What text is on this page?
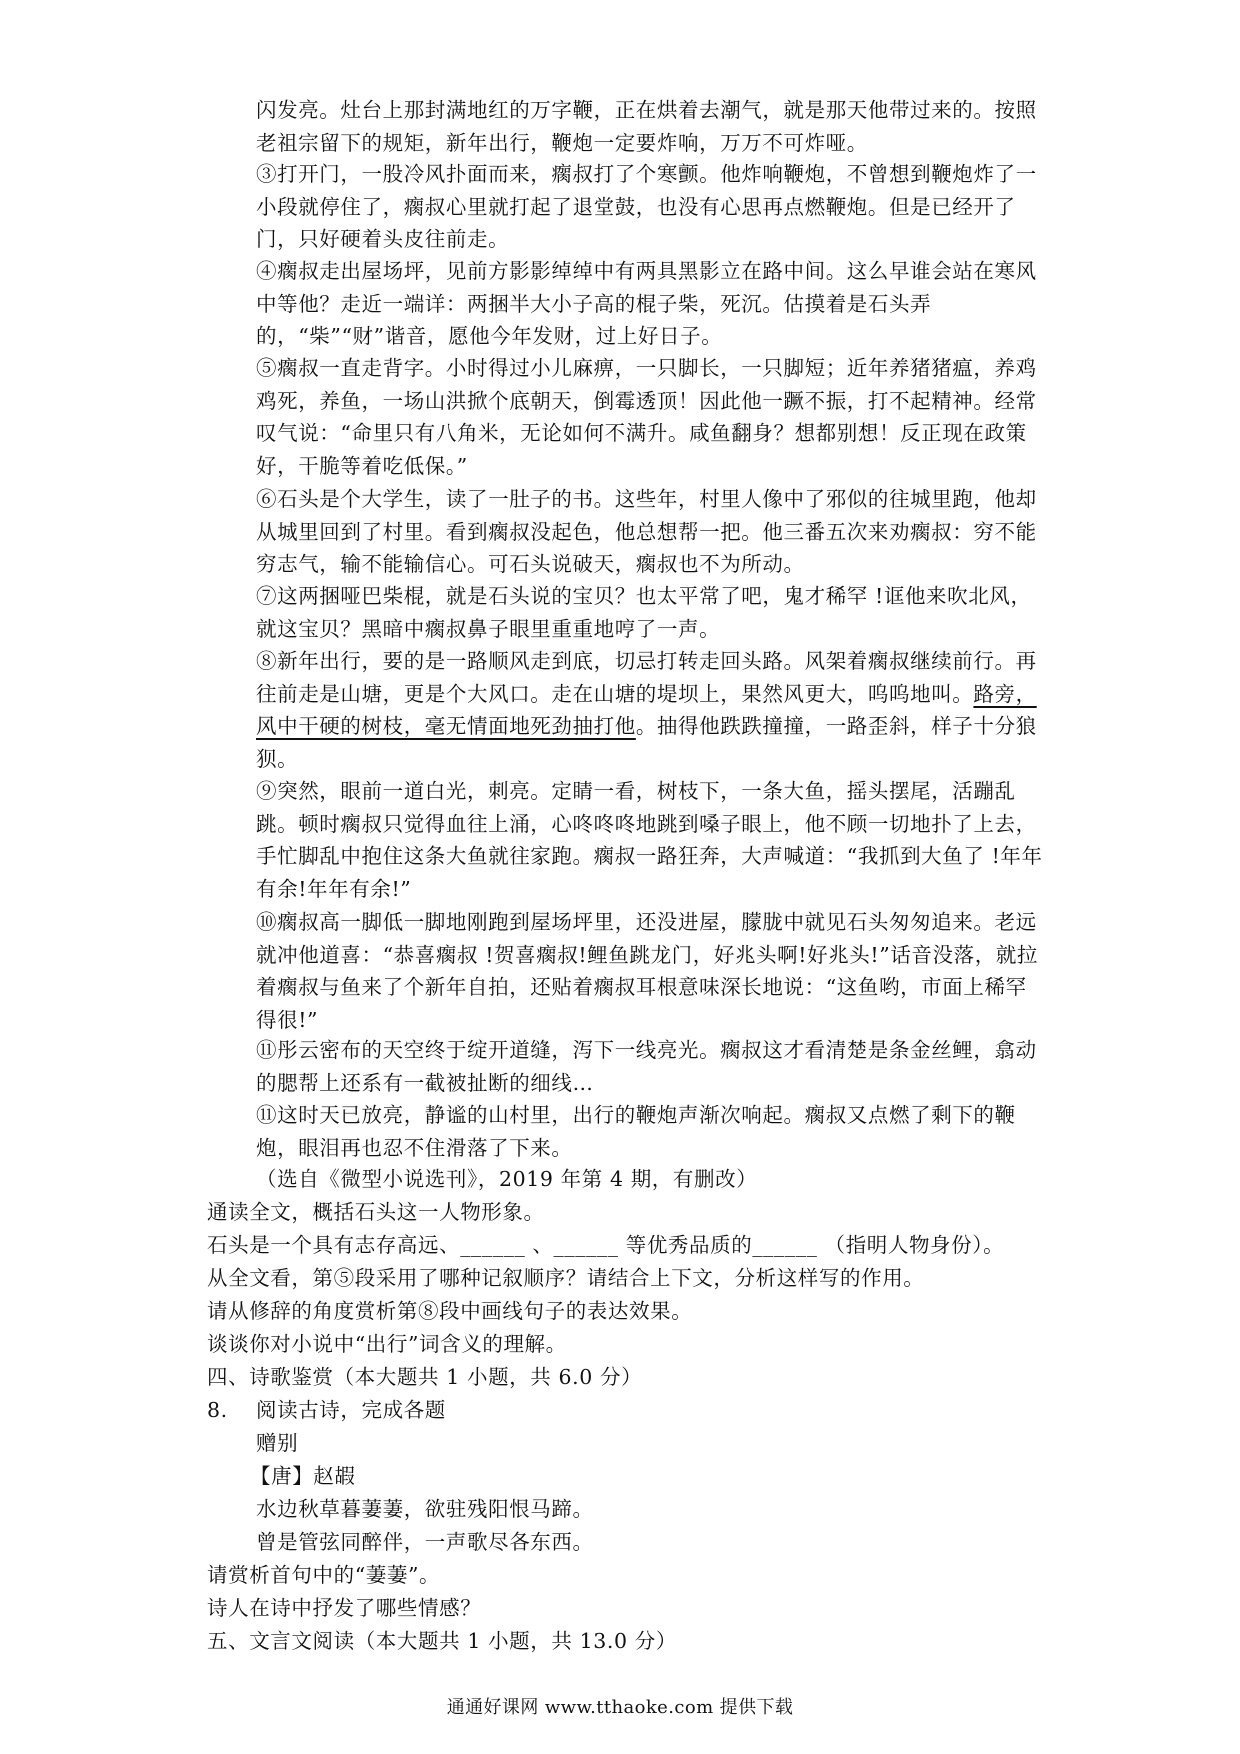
闪发亮。灶台上那封满地红的万字鞭，正在烘着去潮气，就是那天他带过来的。按照老祖宗留下的规矩，新年出行，鞭炮一定要炸响，万万不可炸哑。

③打开门，一股冷风扑面而来，瘸叔打了个寒颤。他炸响鞭炮，不曾想到鞭炮炸了一小段就停住了，瘸叔心里就打起了退堂鼓，也没有心思再点燃鞭炮。但是已经开了门，只好硬着头皮往前走。

④瘸叔走出屋场坪，见前方影影绰绰中有两具黑影立在路中间。这么早谁会站在寒风中等他？走近一端详：两捆半大小子高的棍子柴，死沉。估摸着是石头弄的，“柴”“财”谐音，愿他今年发财，过上好日子。

⑤瘸叔一直走背字。小时得过小儿麻痹，一只脚长，一只脚短；近年养猪猪瘟，养鸡鸡死，养鱼，一场山洪掀个底朝天，倒霉透顶！因此他一蹶不振，打不起精神。经常叹气说：“命里只有八角米，无论如何不满升。咸鱼翻身？想都别想！反正现在政策好，干脆等着吃低保。”

⑥石头是个大学生，读了一肚子的书。这些年，村里人像中了邪似的往城里跑，他却从城里回到了村里。看到瘸叔没起色，他总想帮一把。他三番五次来劝瘸叔：穷不能穷志气，输不能输信心。可石头说破天，瘸叔也不为所动。

⑦这两捆哑巴柴棍，就是石头说的宝贝？也太平常了吧，鬼才稀罕 !诓他来吹北风，就这宝贝？黑暗中瘸叔鼻子眼里重重地哼了一声。

⑧新年出行，要的是一路顺风走到底，切忌打转走回头路。风架着瘸叔继续前行。再往前走是山塘，更是个大风口。走在山塘的堤坝上，果然风更大，呜呜地叫。路旁，风中干硬的树枝，毫无情面地死劲抽打他。抽得他跌跌撞撞，一路歪斜，样子十分狼狈。

⑨突然，眼前一道白光，刺亮。定睛一看，树枝下，一条大鱼，摇头摆尾，活蹦乱跳。顿时瘸叔只觉得血往上涌，心咚咚咚地跳到嗓子眼上，他不顾一切地扑了上去，手忙脚乱中抱住这条大鱼就往家跑。瘸叔一路狂奔，大声喊道：“我抓到大鱼了 !年年有余!年年有余!”

⑩瘸叔高一脚低一脚地刚跑到屋场坪里，还没进屋，朦胧中就见石头匆匆追来。老远就冲他道喜：“恭喜瘸叔 !贺喜瘸叔!鲤鱼跳龙门，好兆头啊!好兆头!”话音没落，就拉着瘸叔与鱼来了个新年自拍，还贴着瘸叔耳根意味深长地说：“这鱼哟，市面上稀罕得很!”

⑪彤云密布的天空终于绽开道缝，泻下一线亮光。瘸叔这才看清楚是条金丝鲤，翕动的腮帮上还系有一截被扯断的细线…

⑪这时天已放亮，静谧的山村里，出行的鞭炮声渐次响起。瘸叔又点燃了剩下的鞭炮，眼泪再也忍不住滑落了下来。

（选自《微型小说选刊》，2019 年第 4 期，有删改）

通读全文，概括石头这一人物形象。

石头是一个具有志存高远、______ 、______ 等优秀品质的______ （指明人物身份）。

从全文看，第⑤段采用了哪种记叙顺序？请结合上下文，分析这样写的作用。

请从修辞的角度赏析第⑧段中画线句子的表达效果。

谈谈你对小说中“出行”词含义的理解。

四、诗歌鉴赏（本大题共 1 小题，共 6.0 分）

8. 阅读古诗，完成各题

赠别

【唐】赵嘏

水边秋草暮萋萋，欲驻残阳恨马蹄。

曾是管弦同醉伴，一声歌尽各东西。

请赏析首句中的“萋萋”。

诗人在诗中抒发了哪些情感？

五、文言文阅读（本大题共 1 小题，共 13.0 分）

通通好课网 www.tthaoke.com 提供下载
